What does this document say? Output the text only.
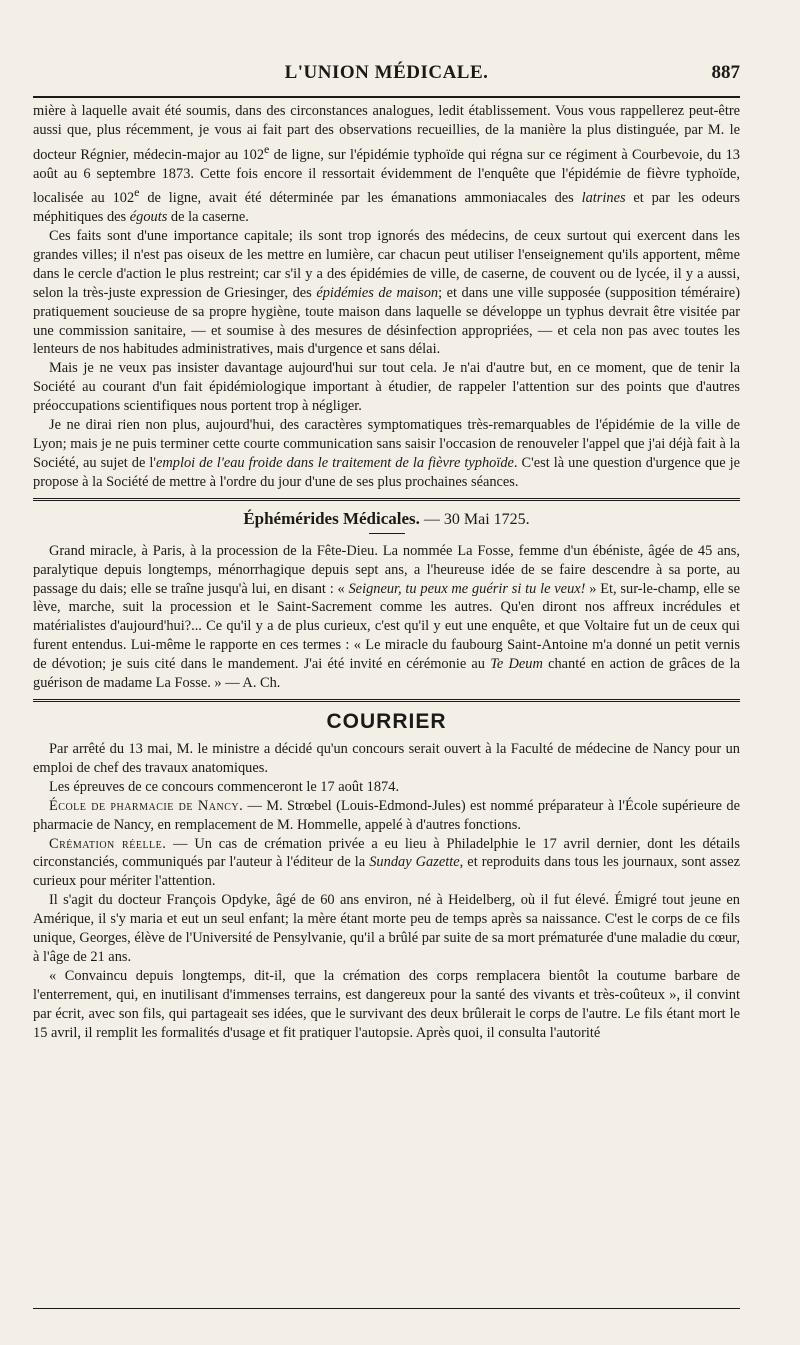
L'UNION MÉDICALE.	887

mière à laquelle avait été soumis, dans des circonstances analogues, ledit établissement. Vous vous rappellerez peut-être aussi que, plus récemment, je vous ai fait part des observations recueillies, de la manière la plus distinguée, par M. le docteur Régnier, médecin-major au 102e de ligne, sur l'épidémie typhoïde qui régna sur ce régiment à Courbevoie, du 13 août au 6 septembre 1873. Cette fois encore il ressortait évidemment de l'enquête que l'épidémie de fièvre typhoïde, localisée au 102e de ligne, avait été déterminée par les émanations ammoniacales des latrines et par les odeurs méphitiques des égouts de la caserne.

Ces faits sont d'une importance capitale; ils sont trop ignorés des médecins, de ceux surtout qui exercent dans les grandes villes; il n'est pas oiseux de les mettre en lumière, car chacun peut utiliser l'enseignement qu'ils apportent, même dans le cercle d'action le plus restreint; car s'il y a des épidémies de ville, de caserne, de couvent ou de lycée, il y a aussi, selon la très-juste expression de Griesinger, des épidémies de maison; et dans une ville supposée (supposition téméraire) pratiquement soucieuse de sa propre hygiène, toute maison dans laquelle se développe un typhus devrait être visitée par une commission sanitaire, — et soumise à des mesures de désinfection appropriées, — et cela non pas avec toutes les lenteurs de nos habitudes administratives, mais d'urgence et sans délai.

Mais je ne veux pas insister davantage aujourd'hui sur tout cela. Je n'ai d'autre but, en ce moment, que de tenir la Société au courant d'un fait épidémiologique important à étudier, de rappeler l'attention sur des points que d'autres préoccupations scientifiques nous portent trop à négliger.

Je ne dirai rien non plus, aujourd'hui, des caractères symptomatiques très-remarquables de l'épidémie de la ville de Lyon; mais je ne puis terminer cette courte communication sans saisir l'occasion de renouveler l'appel que j'ai déjà fait à la Société, au sujet de l'emploi de l'eau froide dans le traitement de la fièvre typhoïde. C'est là une question d'urgence que je propose à la Société de mettre à l'ordre du jour d'une de ses plus prochaines séances.

Éphémérides Médicales. — 30 Mai 1725.

Grand miracle, à Paris, à la procession de la Fête-Dieu. La nommée La Fosse, femme d'un ébéniste, âgée de 45 ans, paralytique depuis longtemps, ménorrhagique depuis sept ans, a l'heureuse idée de se faire descendre à sa porte, au passage du dais; elle se traîne jusqu'à lui, en disant : « Seigneur, tu peux me guérir si tu le veux! » Et, sur-le-champ, elle se lève, marche, suit la procession et le Saint-Sacrement comme les autres. Qu'en diront nos affreux incrédules et matérialistes d'aujourd'hui?... Ce qu'il y a de plus curieux, c'est qu'il y eut une enquête, et que Voltaire fut un de ceux qui furent entendus. Lui-même le rapporte en ces termes : « Le miracle du faubourg Saint-Antoine m'a donné un petit vernis de dévotion; je suis cité dans le mandement. J'ai été invité en cérémonie au Te Deum chanté en action de grâces de la guérison de madame La Fosse. » — A. Ch.

COURRIER

Par arrêté du 13 mai, M. le ministre a décidé qu'un concours serait ouvert à la Faculté de médecine de Nancy pour un emploi de chef des travaux anatomiques.

Les épreuves de ce concours commenceront le 17 août 1874.

École de pharmacie de Nancy. — M. Strœbel (Louis-Edmond-Jules) est nommé préparateur à l'École supérieure de pharmacie de Nancy, en remplacement de M. Hommelle, appelé à d'autres fonctions.

Crémation réelle. — Un cas de crémation privée a eu lieu à Philadelphie le 17 avril dernier, dont les détails circonstanciés, communiqués par l'auteur à l'éditeur de la Sunday Gazette, et reproduits dans tous les journaux, sont assez curieux pour mériter l'attention.

Il s'agit du docteur François Opdyke, âgé de 60 ans environ, né à Heidelberg, où il fut élevé. Émigré tout jeune en Amérique, il s'y maria et eut un seul enfant; la mère étant morte peu de temps après sa naissance. C'est le corps de ce fils unique, Georges, élève de l'Université de Pensylvanie, qu'il a brûlé par suite de sa mort prématurée d'une maladie du cœur, à l'âge de 21 ans.

« Convaincu depuis longtemps, dit-il, que la crémation des corps remplacera bientôt la coutume barbare de l'enterrement, qui, en inutilisant d'immenses terrains, est dangereux pour la santé des vivants et très-coûteux », il convint par écrit, avec son fils, qui partageait ses idées, que le survivant des deux brûlerait le corps de l'autre. Le fils étant mort le 15 avril, il remplit les formalités d'usage et fit pratiquer l'autopsie. Après quoi, il consulta l'autorité
